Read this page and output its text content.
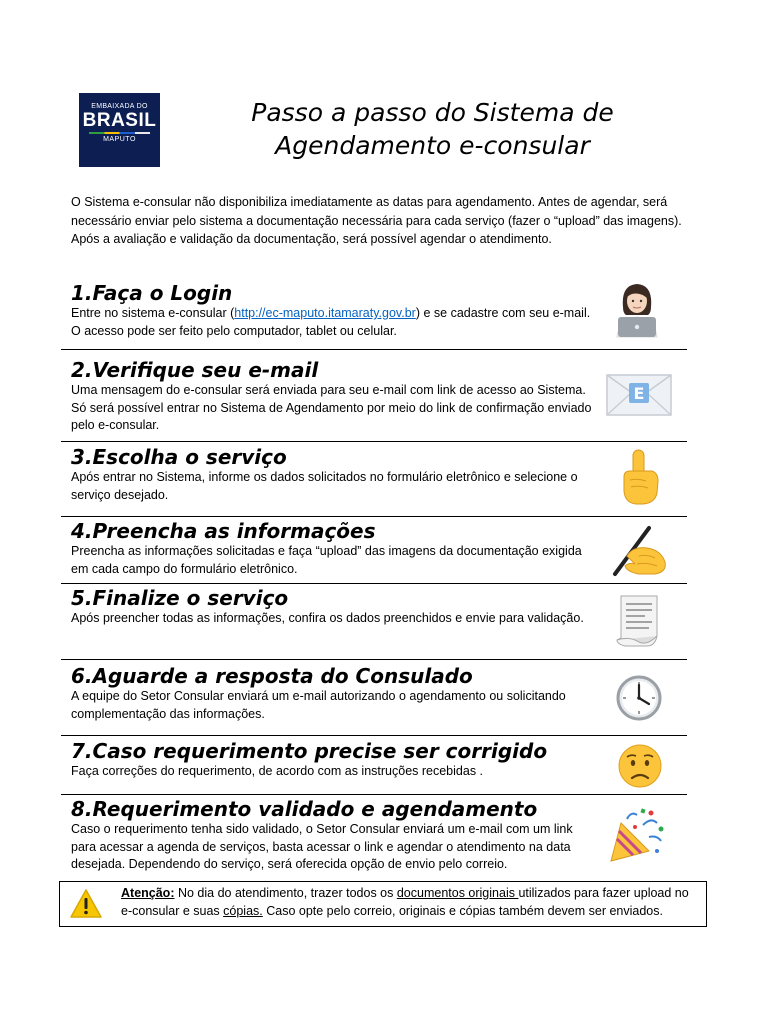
EMBAIXADA DO
BRASIL
MAPUTO
Passo a passo do Sistema de
Agendamento e-consular

O Sistema e-consular não disponibiliza imediatamente as datas para agendamento. Antes de agendar, será necessário enviar pelo sistema a documentação necessária para cada serviço (fazer o “upload” das imagens). Após a avaliação e validação da documentação, será possível agendar o atendimento.

1.Faça o Login

Entre no sistema e-consular (http://ec-maputo.itamaraty.gov.br) e se cadastre com seu e-mail. O acesso pode ser feito pelo computador, tablet ou celular.

2.Verifique seu e-mail

Uma mensagem do e-consular será enviada para seu e-mail com link de acesso ao Sistema. Só será possível entrar no Sistema de Agendamento por meio do link de confirmação enviado pelo e-consular.

E
3.Escolha o serviço

Após entrar no Sistema, informe os dados solicitados no formulário eletrônico e selecione o serviço desejado.

4.Preencha as informações

Preencha as informações solicitadas e faça “upload” das imagens da documentação exigida em cada campo do formulário eletrônico.

5.Finalize o serviço

Após preencher todas as informações, confira os dados preenchidos e envie para validação.

6.Aguarde a resposta do Consulado

A equipe do Setor Consular enviará um e-mail autorizando o agendamento ou solicitando complementação das informações.

7.Caso requerimento precise ser corrigido

Faça correções do requerimento, de acordo com as instruções recebidas .

8.Requerimento validado e agendamento

Caso o requerimento tenha sido validado, o Setor Consular enviará um e-mail com um link para acessar a agenda de serviços, basta acessar o link e agendar o atendimento na data desejada. Dependendo do serviço, será oferecida opção de envio pelo correio.

Atenção: No dia do atendimento, trazer todos os documentos originais utilizados para fazer upload no e-consular e suas cópias. Caso opte pelo correio, originais e cópias também devem ser enviados.
